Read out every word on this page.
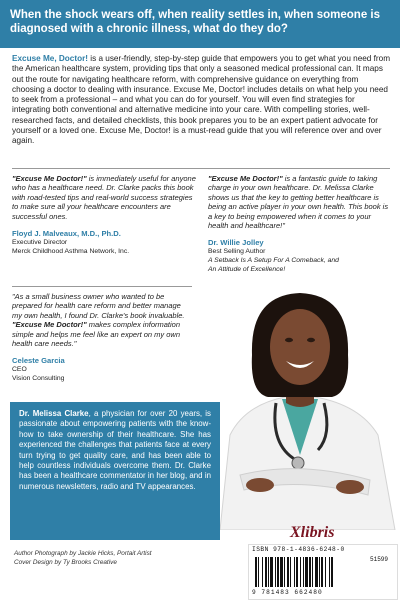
When the shock wears off, when reality settles in, when someone is diagnosed with a chronic illness, what do they do?

Excuse Me, Doctor! is a user-friendly, step-by-step guide that empowers you to get what you need from the American healthcare system, providing tips that only a seasoned medical professional can. It maps out the route for navigating healthcare reform, with comprehensive guidance on everything from choosing a doctor to dealing with insurance. Excuse Me, Doctor! includes details on what help you need to seek from a professional – and what you can do for yourself. You will even find strategies for integrating both conventional and alternative medicine into your care. With compelling stories, well-researched facts, and detailed checklists, this book prepares you to be an expert patient advocate for yourself or a loved one. Excuse Me, Doctor! is a must-read guide that you will reference over and over again.

"Excuse Me Doctor!" is immediately useful for anyone who has a healthcare need. Dr. Clarke packs this book with road-tested tips and real-world success strategies to make sure all your healthcare encounters are successful ones.

Floyd J. Malveaux, M.D., Ph.D.
Executive Director
Merck Childhood Asthma Network, Inc.

"Excuse Me Doctor!" is a fantastic guide to taking charge in your own healthcare. Dr. Melissa Clarke shows us that the key to getting better healthcare is being an active player in your own health. This book is a key to being empowered when it comes to your health and healthcare!"

Dr. Willie Jolley
Best Selling Author
A Setback Is A Setup For A Comeback, and
An Attitude of Excellence!

"As a small business owner who wanted to be prepared for health care reform and better manage my own health, I found Dr. Clarke's book invaluable. "Excuse Me Doctor!" makes complex information simple and helps me feel like an expert on my own health care needs."

Celeste Garcia
CEO
Vision Consulting
Dr. Melissa Clarke, a physician for over 20 years, is passionate about empowering patients with the know-how to take ownership of their healthcare. She has experienced the challenges that patients face at every turn trying to get quality care, and has been able to help countless individuals overcome them. Dr. Clarke has been a healthcare commentator in her blog, and in numerous newsletters, radio and TV appearances.
Author Photograph by Jackie Hicks, Portait Artist
Cover Design by Ty Brooks Creative
Xlibris
ISBN 978-1-4836-6248-0
51599
9 781483 662480
